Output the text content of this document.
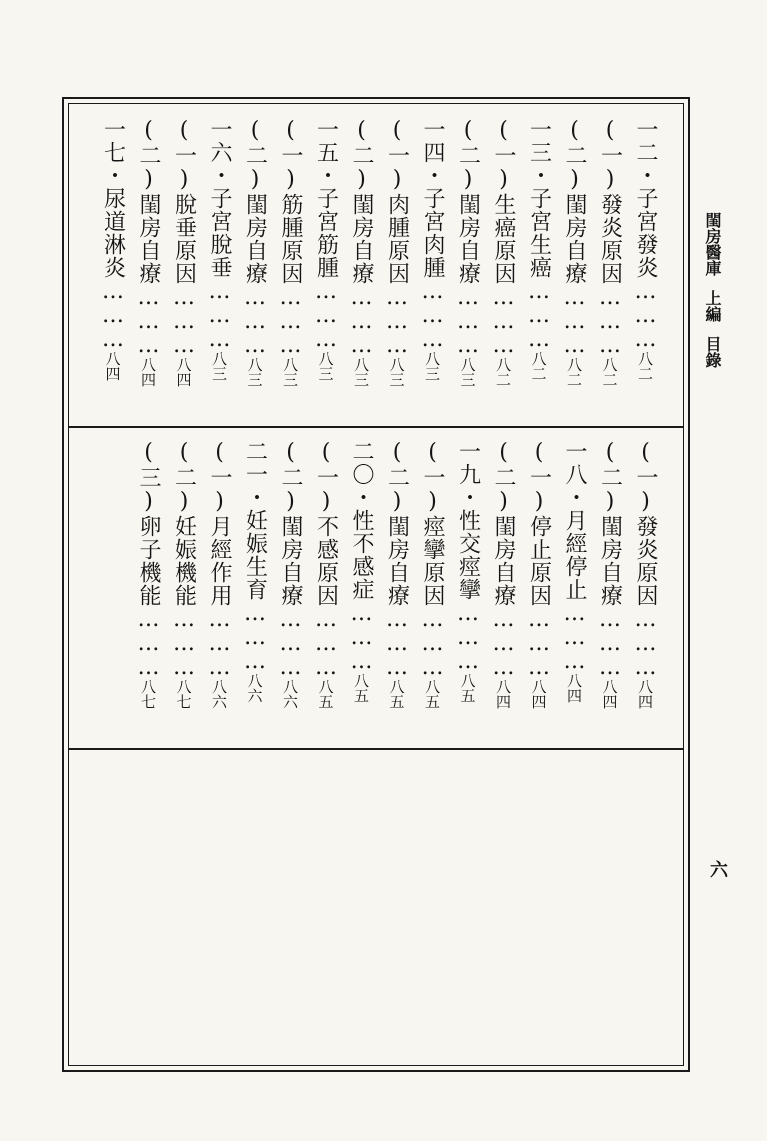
閨房醫庫上編目錄
六
一二・子宮發炎………八二
(一)發炎原因………八二
(二)閨房自療………八二
一三・子宮生癌………八二
(一)生癌原因………八二
(二)閨房自療………八三
一四・子宮肉腫………八三
(一)肉腫原因………八三
(二)閨房自療………八三
一五・子宮筋腫………八三
(一)筋腫原因………八三
(二)閨房自療………八三
一六・子宮脫垂………八三
(一)脫垂原因………八四
(二)閨房自療………八四
一七・尿道淋炎………八四
(一)發炎原因………八四
(二)閨房自療………八四
一八・月經停止………八四
(一)停止原因………八四
(二)閨房自療………八四
一九・性交痙攣………八五
(一)痙攣原因………八五
(二)閨房自療………八五
二〇・性不感症………八五
(一)不感原因………八五
(二)閨房自療………八六
二一・妊娠生育………八六
(一)月經作用………八六
(二)妊娠機能………八七
(三)卵子機能………八七
